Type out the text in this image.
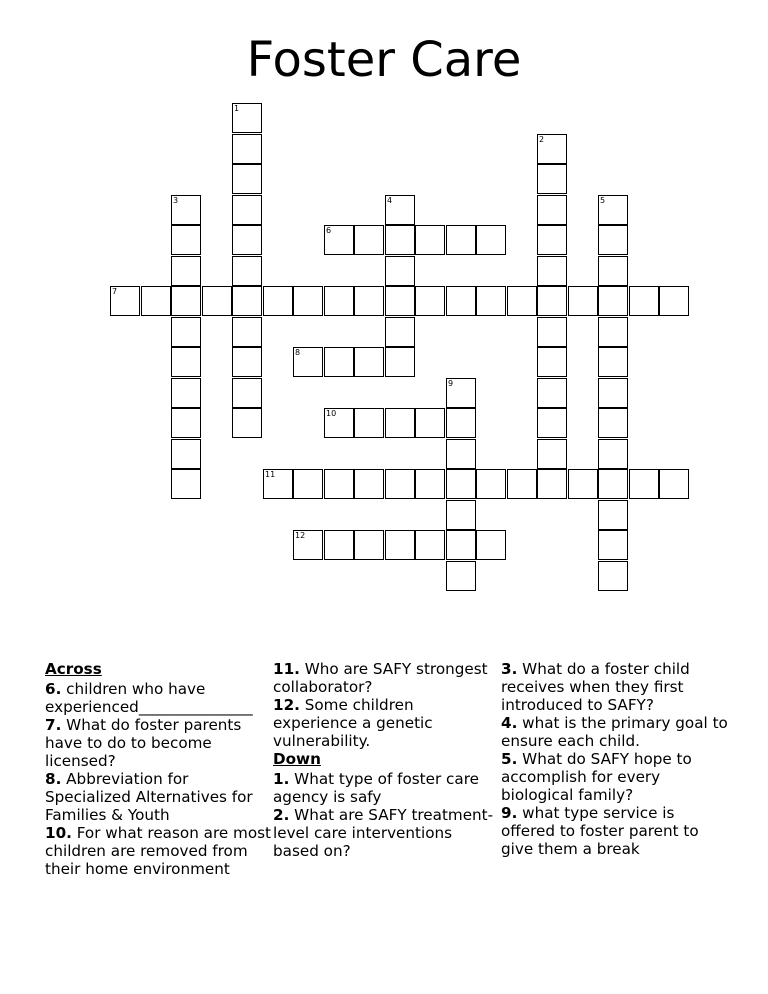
Foster Care
1
2
3	4	5
6
7
8
9
10
11
12
Across

6. children who have experienced_______________

7. What do foster parents have to do to become licensed?

8. Abbreviation for Specialized Alternatives for Families & Youth

10. For what reason are most children are removed from their home environment

11. Who are SAFY strongest collaborator?

12. Some children experience a genetic vulnerability.

Down

1. What type of foster care agency is safy

2. What are SAFY treatment-level care interventions based on?

3. What do a foster child receives when they first introduced to SAFY?

4. what is the primary goal to ensure each child.

5. What do SAFY hope to accomplish for every biological family?

9. what type service is offered to foster parent to give them a break
